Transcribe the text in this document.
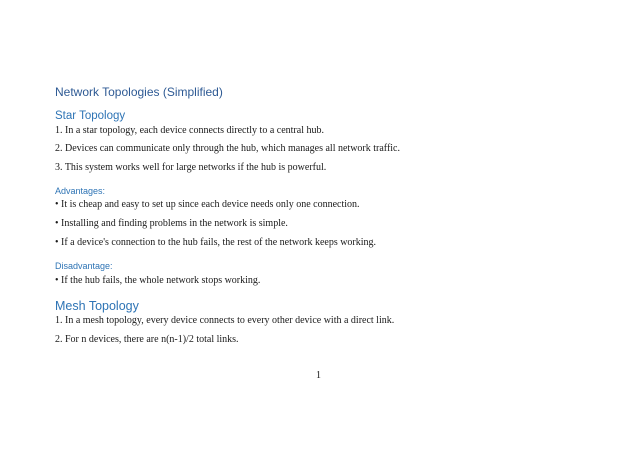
Network Topologies (Simplified)
Star Topology
1. In a star topology, each device connects directly to a central hub.
2. Devices can communicate only through the hub, which manages all network traffic.
3. This system works well for large networks if the hub is powerful.
Advantages:
• It is cheap and easy to set up since each device needs only one connection.
• Installing and finding problems in the network is simple.
• If a device's connection to the hub fails, the rest of the network keeps working.
Disadvantage:
• If the hub fails, the whole network stops working.
Mesh Topology
1. In a mesh topology, every device connects to every other device with a direct link.
2. For n devices, there are n(n-1)/2 total links.
1
